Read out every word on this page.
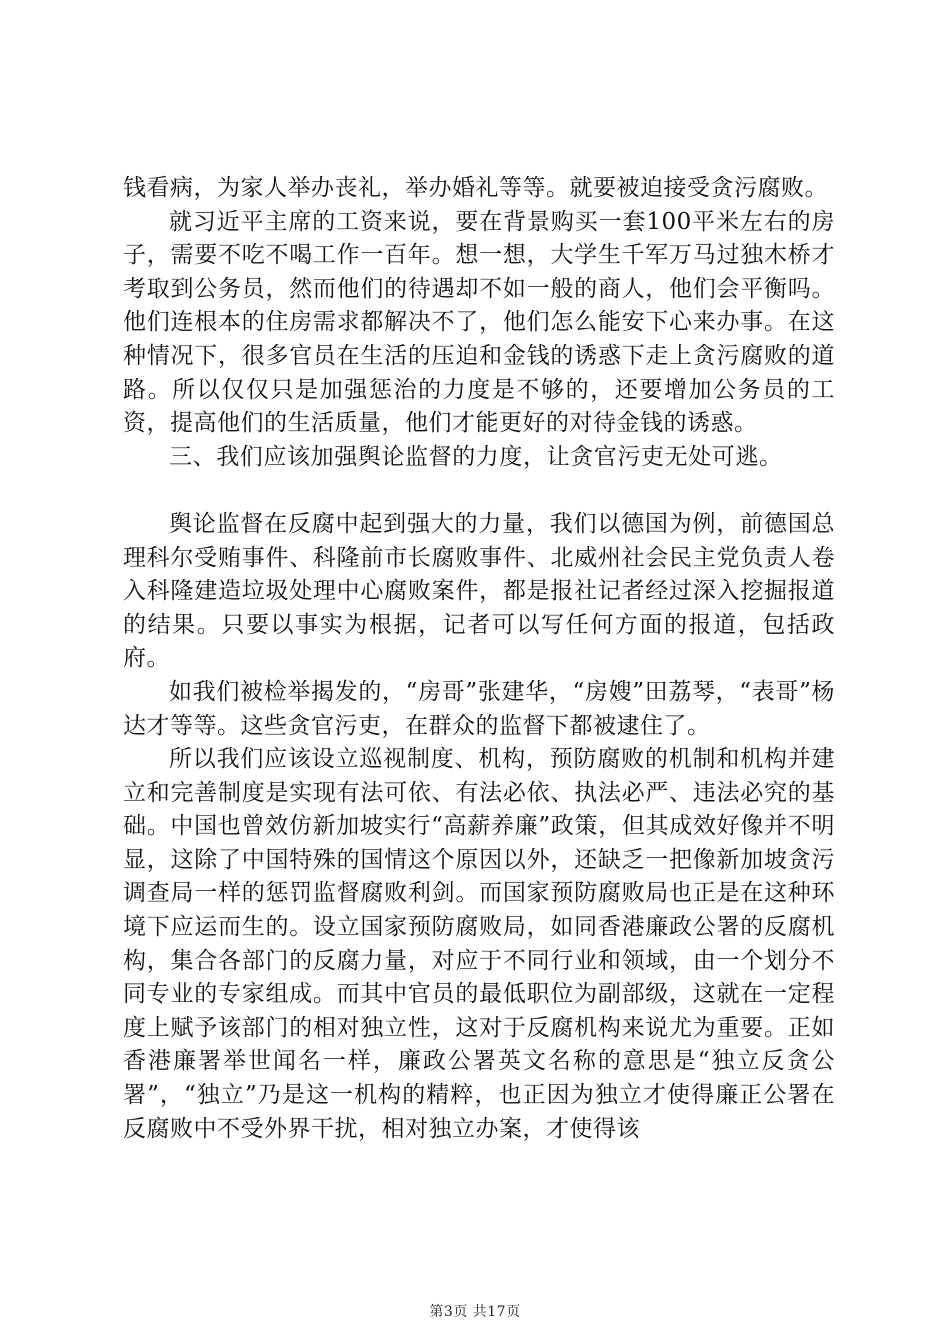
钱看病，为家人举办丧礼，举办婚礼等等。就要被迫接受贪污腐败。

就习近平主席的工资来说，要在背景购买一套100平米左右的房子，需要不吃不喝工作一百年。想一想，大学生千军万马过独木桥才考取到公务员，然而他们的待遇却不如一般的商人，他们会平衡吗。他们连根本的住房需求都解决不了，他们怎么能安下心来办事。在这种情况下，很多官员在生活的压迫和金钱的诱惑下走上贪污腐败的道路。所以仅仅只是加强惩治的力度是不够的，还要增加公务员的工资，提高他们的生活质量，他们才能更好的对待金钱的诱惑。

三、我们应该加强舆论监督的力度，让贪官污吏无处可逃。

舆论监督在反腐中起到强大的力量，我们以德国为例，前德国总理科尔受贿事件、科隆前市长腐败事件、北威州社会民主党负责人卷入科隆建造垃圾处理中心腐败案件，都是报社记者经过深入挖掘报道的结果。只要以事实为根据，记者可以写任何方面的报道，包括政府。

如我们被检举揭发的，“房哥”张建华，“房嫂”田荔琴，“表哥”杨达才等等。这些贪官污吏，在群众的监督下都被逮住了。

所以我们应该设立巡视制度、机构，预防腐败的机制和机构并建立和完善制度是实现有法可依、有法必依、执法必严、违法必究的基础。中国也曾效仿新加坡实行“高薪养廉”政策，但其成效好像并不明显，这除了中国特殊的国情这个原因以外，还缺乏一把像新加坡贪污调查局一样的惩罚监督腐败利剑。而国家预防腐败局也正是在这种环境下应运而生的。设立国家预防腐败局，如同香港廉政公署的反腐机构，集合各部门的反腐力量，对应于不同行业和领域，由一个划分不同专业的专家组成。而其中官员的最低职位为副部级，这就在一定程度上赋予该部门的相对独立性，这对于反腐机构来说尤为重要。正如香港廉署举世闻名一样，廉政公署英文名称的意思是“独立反贪公署”，“独立”乃是这一机构的精粹，也正因为独立才使得廉正公署在反腐败中不受外界干扰，相对独立办案，才使得该

第3页 共17页
